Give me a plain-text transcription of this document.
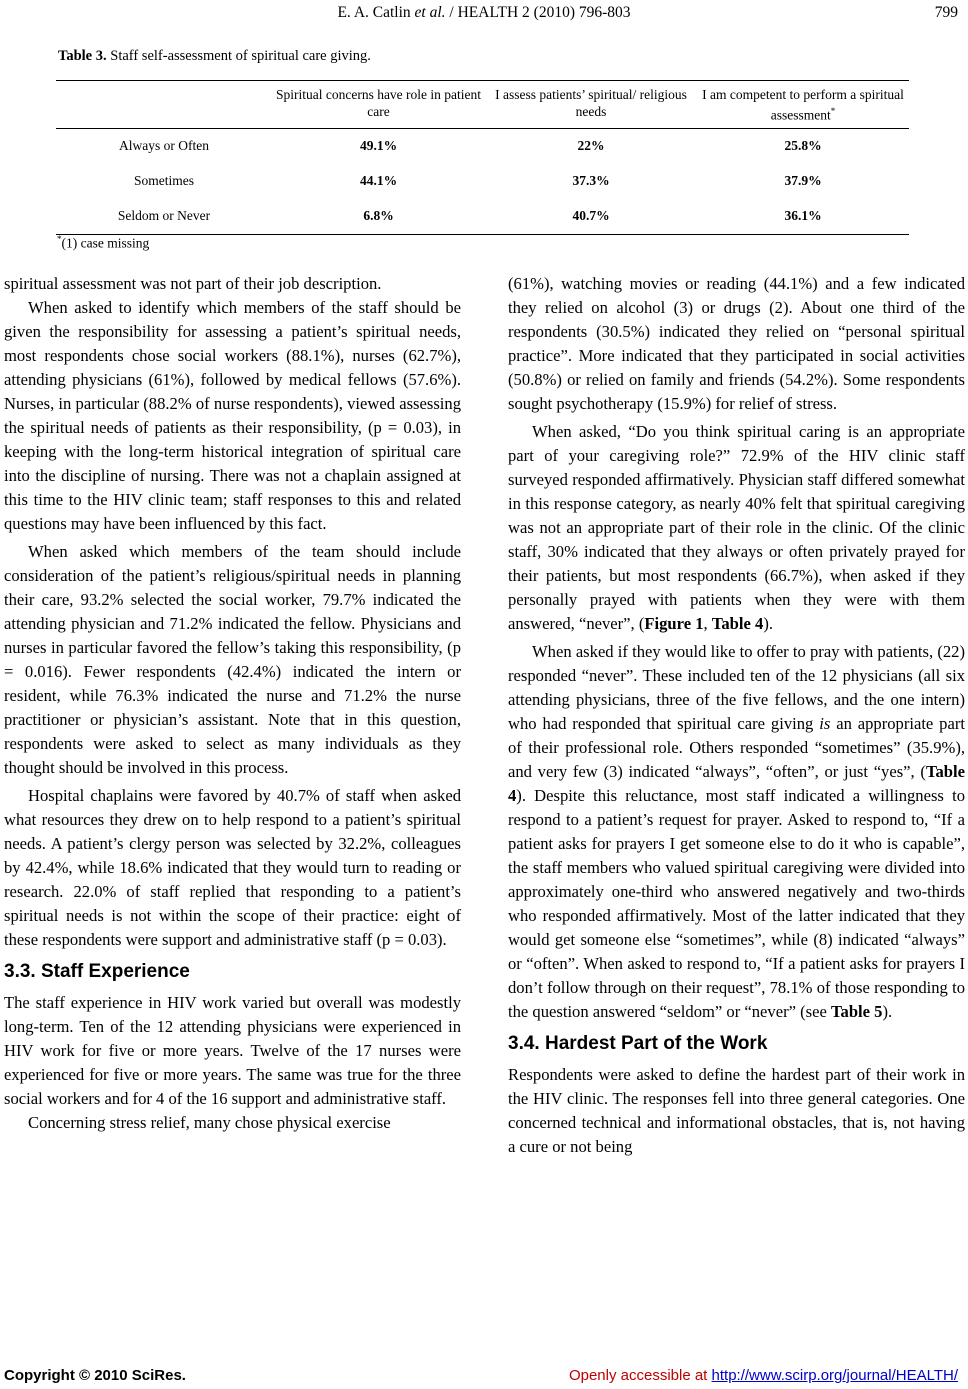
E. A. Catlin et al. / HEALTH 2 (2010) 796-803	799
Table 3. Staff self-assessment of spiritual care giving.
	Spiritual concerns have role in patient care	I assess patients’ spiritual/ religious needs	I am competent to perform a spiritual assessment*
Always or Often	49.1%	22%	25.8%
Sometimes	44.1%	37.3%	37.9%
Seldom or Never	6.8%	40.7%	36.1%
*(1) case missing

spiritual assessment was not part of their job description.

When asked to identify which members of the staff should be given the responsibility for assessing a patient’s spiritual needs, most respondents chose social workers (88.1%), nurses (62.7%), attending physicians (61%), followed by medical fellows (57.6%). Nurses, in particular (88.2% of nurse respondents), viewed assessing the spiritual needs of patients as their responsibility, (p = 0.03), in keeping with the long-term historical integration of spiritual care into the discipline of nursing. There was not a chaplain assigned at this time to the HIV clinic team; staff responses to this and related questions may have been influenced by this fact.

When asked which members of the team should include consideration of the patient’s religious/spiritual needs in planning their care, 93.2% selected the social worker, 79.7% indicated the attending physician and 71.2% indicated the fellow. Physicians and nurses in particular favored the fellow’s taking this responsibility, (p = 0.016). Fewer respondents (42.4%) indicated the intern or resident, while 76.3% indicated the nurse and 71.2% the nurse practitioner or physician’s assistant. Note that in this question, respondents were asked to select as many individuals as they thought should be involved in this process.

Hospital chaplains were favored by 40.7% of staff when asked what resources they drew on to help respond to a patient’s spiritual needs. A patient’s clergy person was selected by 32.2%, colleagues by 42.4%, while 18.6% indicated that they would turn to reading or research. 22.0% of staff replied that responding to a patient’s spiritual needs is not within the scope of their practice: eight of these respondents were support and administrative staff (p = 0.03).

3.3. Staff Experience

The staff experience in HIV work varied but overall was modestly long-term. Ten of the 12 attending physicians were experienced in HIV work for five or more years. Twelve of the 17 nurses were experienced for five or more years. The same was true for the three social workers and for 4 of the 16 support and administrative staff.

Concerning stress relief, many chose physical exercise

(61%), watching movies or reading (44.1%) and a few indicated they relied on alcohol (3) or drugs (2). About one third of the respondents (30.5%) indicated they relied on “personal spiritual practice”. More indicated that they participated in social activities (50.8%) or relied on family and friends (54.2%). Some respondents sought psychotherapy (15.9%) for relief of stress.

When asked, “Do you think spiritual caring is an appropriate part of your caregiving role?” 72.9% of the HIV clinic staff surveyed responded affirmatively. Physician staff differed somewhat in this response category, as nearly 40% felt that spiritual caregiving was not an appropriate part of their role in the clinic. Of the clinic staff, 30% indicated that they always or often privately prayed for their patients, but most respondents (66.7%), when asked if they personally prayed with patients when they were with them answered, “never”, (Figure 1, Table 4).

When asked if they would like to offer to pray with patients, (22) responded “never”. These included ten of the 12 physicians (all six attending physicians, three of the five fellows, and the one intern) who had responded that spiritual care giving is an appropriate part of their professional role. Others responded “sometimes” (35.9%), and very few (3) indicated “always”, “often”, or just “yes”, (Table 4). Despite this reluctance, most staff indicated a willingness to respond to a patient’s request for prayer. Asked to respond to, “If a patient asks for prayers I get someone else to do it who is capable”, the staff members who valued spiritual caregiving were divided into approximately one-third who answered negatively and two-thirds who responded affirmatively. Most of the latter indicated that they would get someone else “sometimes”, while (8) indicated “always” or “often”. When asked to respond to, “If a patient asks for prayers I don’t follow through on their request”, 78.1% of those responding to the question answered “seldom” or “never” (see Table 5).

3.4. Hardest Part of the Work

Respondents were asked to define the hardest part of their work in the HIV clinic. The responses fell into three general categories. One concerned technical and informational obstacles, that is, not having a cure or not being

Copyright © 2010 SciRes.	Openly accessible at http://www.scirp.org/journal/HEALTH/
